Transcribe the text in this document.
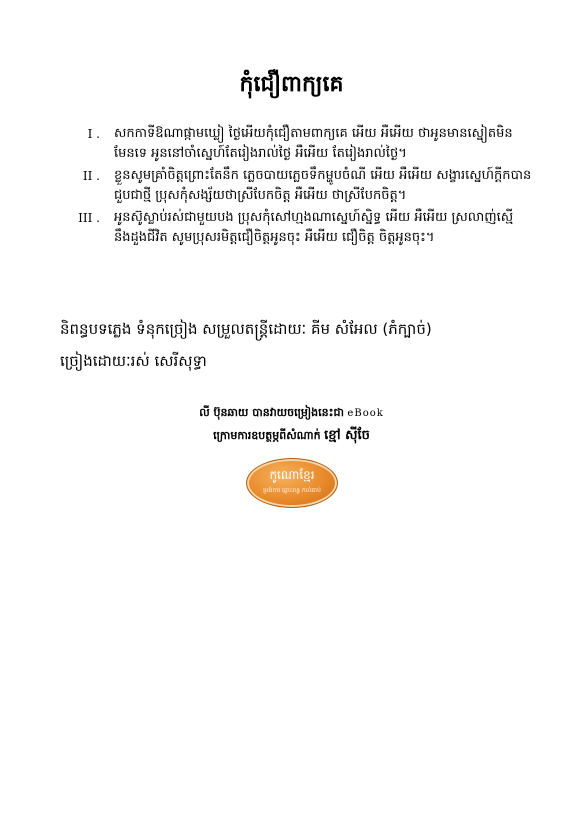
កុំជឿពាក្យគេ
I .	សកកាទីឱណាផ្កាមឃ្លៀ ថ្ងៃអើយកុំជឿតាមពាក្យគេ អើយ អឺអើយ ថាអូនមានស្នៀតមិន
មែនទេ អូននៅចាំស្នេហ៍តែរៀងរាល់ថ្ងៃ អឺអើយ តែរៀងរាល់ថ្ងៃ។
II .	ខ្លួនសូមគ្រាំចិត្តព្រោះតែនឹក ភ្លេចបាយភ្លេចទឹកម្ហូបចំណី អើយ អឺអើយ សង្ខារស្នេហ៍ក្តីកបាន
ជួបជាថ្មី ប្រុសកុំសង្ស័យថាស្រីបែកចិត្ត អឺអើយ ថាស្រីបែកចិត្ត។
III .	អូនស៊ូស្លាប់រស់ជាមួយបង ប្រុសកុំសៅហ្មងណាស្នេហ៍ស្និទ្ធ អើយ អឺអើយ ស្រលាញ់ស្មើ
នឹងដួងជីវិត សូមប្រុសរមិត្តជឿចិត្តអូនចុះ អឺអើយ ជឿចិត្ត ចិត្តអូនចុះ។
និពន្ធបទភ្លេង ទំនុកច្រៀង សម្រួលតន្ត្រីដោយៈ គីម សំអែល (ភំក្បាច់)
ច្រៀងដោយៈរស់ សេរីសុទ្ធា
លី ប៊ុនឆាយ បានវាយចម្រៀងនេះជា eBook
ក្រោមការឧបត្ថម្ភពីសំណាក់ ខ្មៅ ស៊ីចែ
កូណោខ្មែរ
ម្រង់ការ ឆ្លោះពន្ធ កល់ឆាប់
